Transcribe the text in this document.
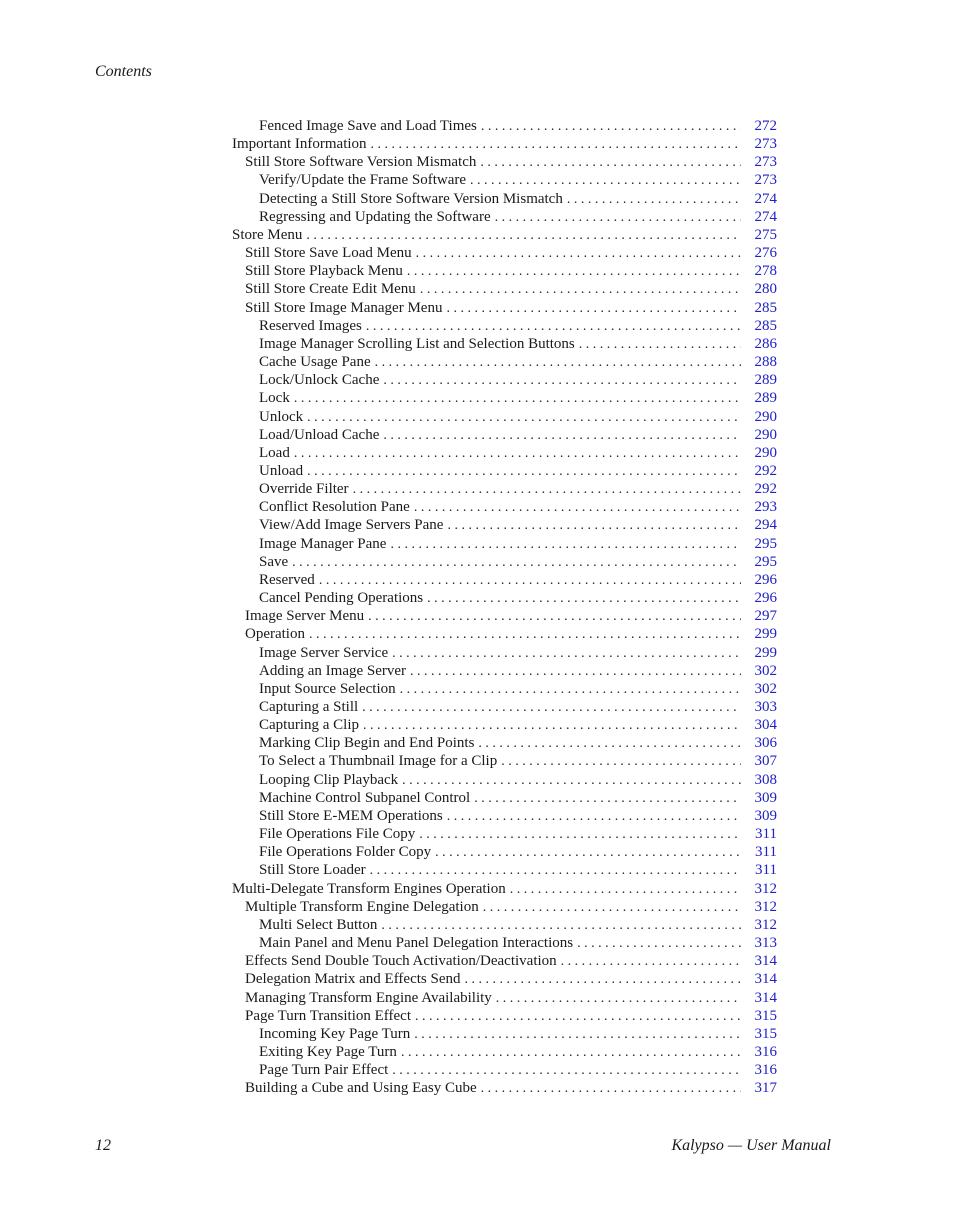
Contents
Fenced Image Save and Load Times . . .	272
Important Information . . .	273
Still Store Software Version Mismatch . . .	273
Verify/Update the Frame Software . . .	273
Detecting a Still Store Software Version Mismatch . . .	274
Regressing and Updating the Software . . .	274
Store Menu . . .	275
Still Store Save Load Menu . . .	276
Still Store Playback Menu . . .	278
Still Store Create Edit Menu . . .	280
Still Store Image Manager Menu . . .	285
Reserved Images . . .	285
Image Manager Scrolling List and Selection Buttons . . .	286
Cache Usage Pane . . .	288
Lock/Unlock Cache . . .	289
Lock . . .	289
Unlock . . .	290
Load/Unload Cache . . .	290
Load . . .	290
Unload . . .	292
Override Filter . . .	292
Conflict Resolution Pane . . .	293
View/Add Image Servers Pane . . .	294
Image Manager Pane . . .	295
Save . . .	295
Reserved . . .	296
Cancel Pending Operations . . .	296
Image Server Menu . . .	297
Operation . . .	299
Image Server Service . . .	299
Adding an Image Server . . .	302
Input Source Selection . . .	302
Capturing a Still . . .	303
Capturing a Clip . . .	304
Marking Clip Begin and End Points . . .	306
To Select a Thumbnail Image for a Clip . . .	307
Looping Clip Playback . . .	308
Machine Control Subpanel Control . . .	309
Still Store E-MEM Operations . . .	309
File Operations File Copy . . .	311
File Operations Folder Copy . . .	311
Still Store Loader . . .	311
Multi-Delegate Transform Engines Operation . . .	312
Multiple Transform Engine Delegation . . .	312
Multi Select Button . . .	312
Main Panel and Menu Panel Delegation Interactions . . .	313
Effects Send Double Touch Activation/Deactivation . . .	314
Delegation Matrix and Effects Send . . .	314
Managing Transform Engine Availability . . .	314
Page Turn Transition Effect . . .	315
Incoming Key Page Turn . . .	315
Exiting Key Page Turn . . .	316
Page Turn Pair Effect . . .	316
Building a Cube and Using Easy Cube . . .	317
12	Kalypso — User Manual
